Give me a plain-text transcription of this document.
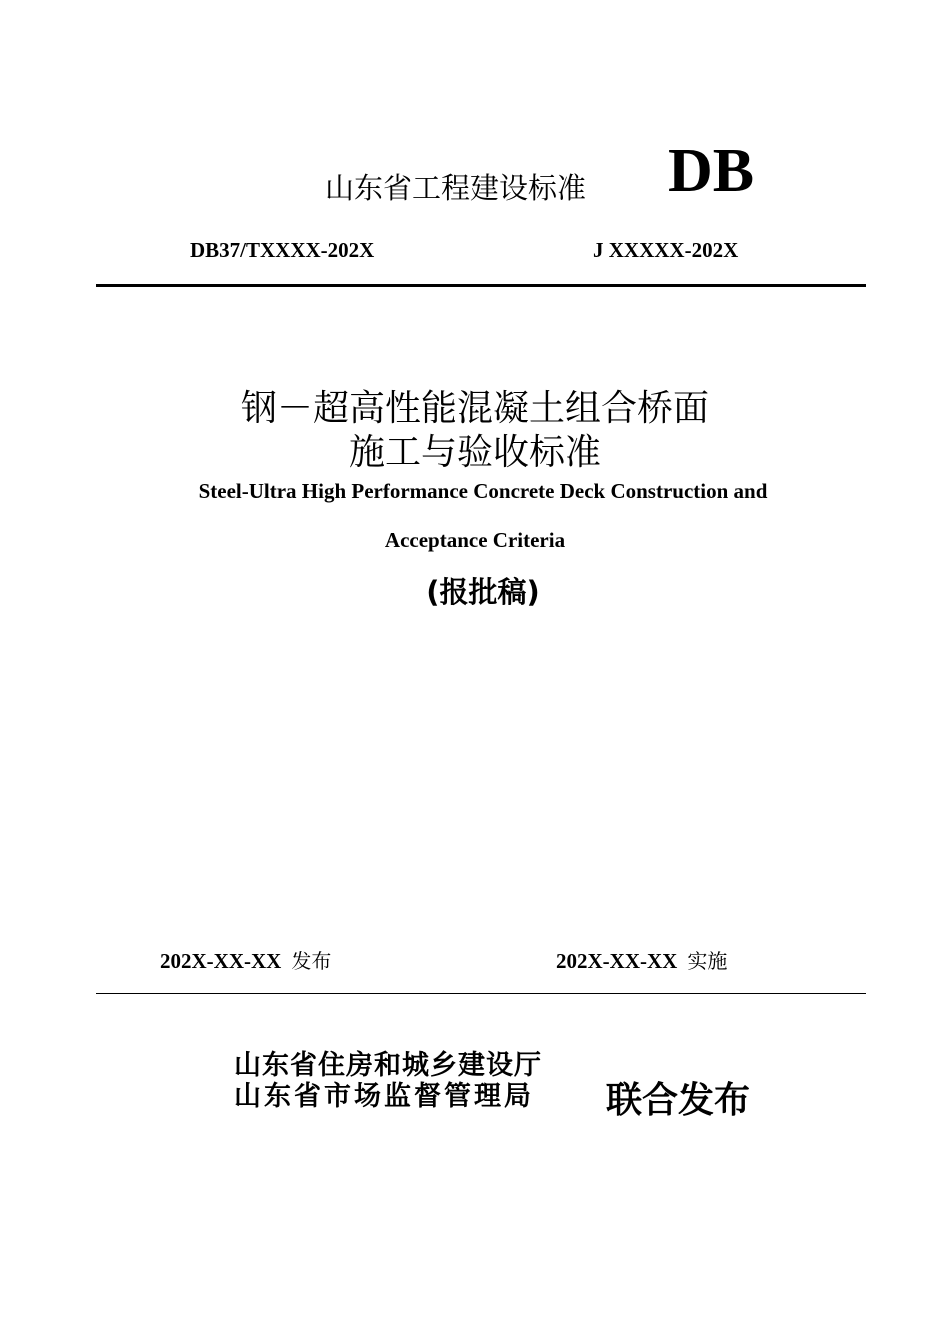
山东省工程建设标准 DB
DB37/TXXXX-202X	J XXXXX-202X
钢－超高性能混凝土组合桥面
施工与验收标准
Steel-Ultra High Performance Concrete Deck Construction and
Acceptance Criteria
(报批稿)
202X-XX-XX 发布	202X-XX-XX 实施
山东省住房和城乡建设厅
山东省市场监督管理局 联合发布
